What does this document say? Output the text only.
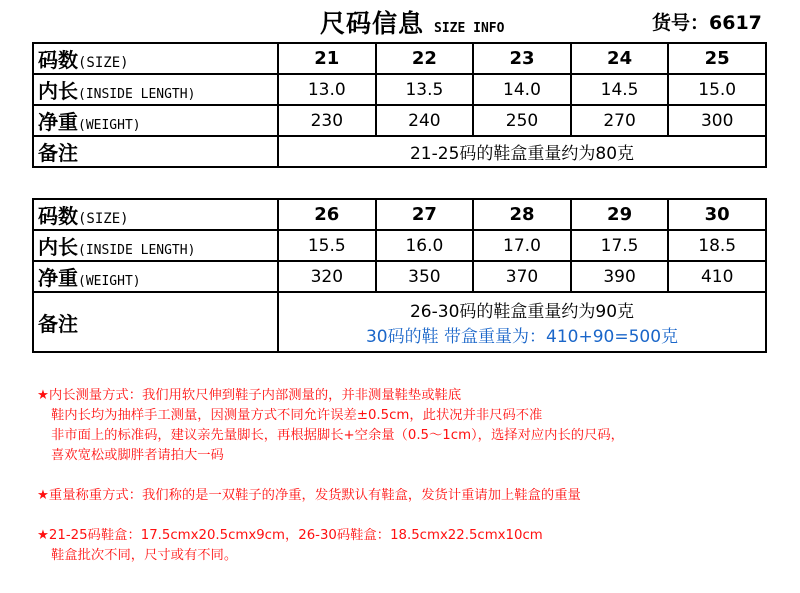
尺码信息 SIZE INFO	货号：6617
码数(SIZE)	21	22	23	24	25
内长(INSIDE LENGTH)	13.0	13.5	14.0	14.5	15.0
净重(WEIGHT)	230	240	250	270	300
备注	21-25码的鞋盒重量约为80克				
码数(SIZE)	26	27	28	29	30
内长(INSIDE LENGTH)	15.5	16.0	17.0	17.5	18.5
净重(WEIGHT)	320	350	370	390	410
备注	26-30码的鞋盒重量约为90克
30码的鞋 带盒重量为：410+90=500克				
★内长测量方式：我们用软尺伸到鞋子内部测量的，并非测量鞋垫或鞋底
鞋内长均为抽样手工测量，因测量方式不同允许误差±0.5cm，此状况并非尺码不准
非市面上的标准码，建议亲先量脚长，再根据脚长+空余量（0.5～1cm），选择对应内长的尺码，
喜欢宽松或脚胖者请拍大一码
★重量称重方式：我们称的是一双鞋子的净重，发货默认有鞋盒，发货计重请加上鞋盒的重量
★21-25码鞋盒：17.5cmx20.5cmx9cm，26-30码鞋盒：18.5cmx22.5cmx10cm
鞋盒批次不同，尺寸或有不同。
